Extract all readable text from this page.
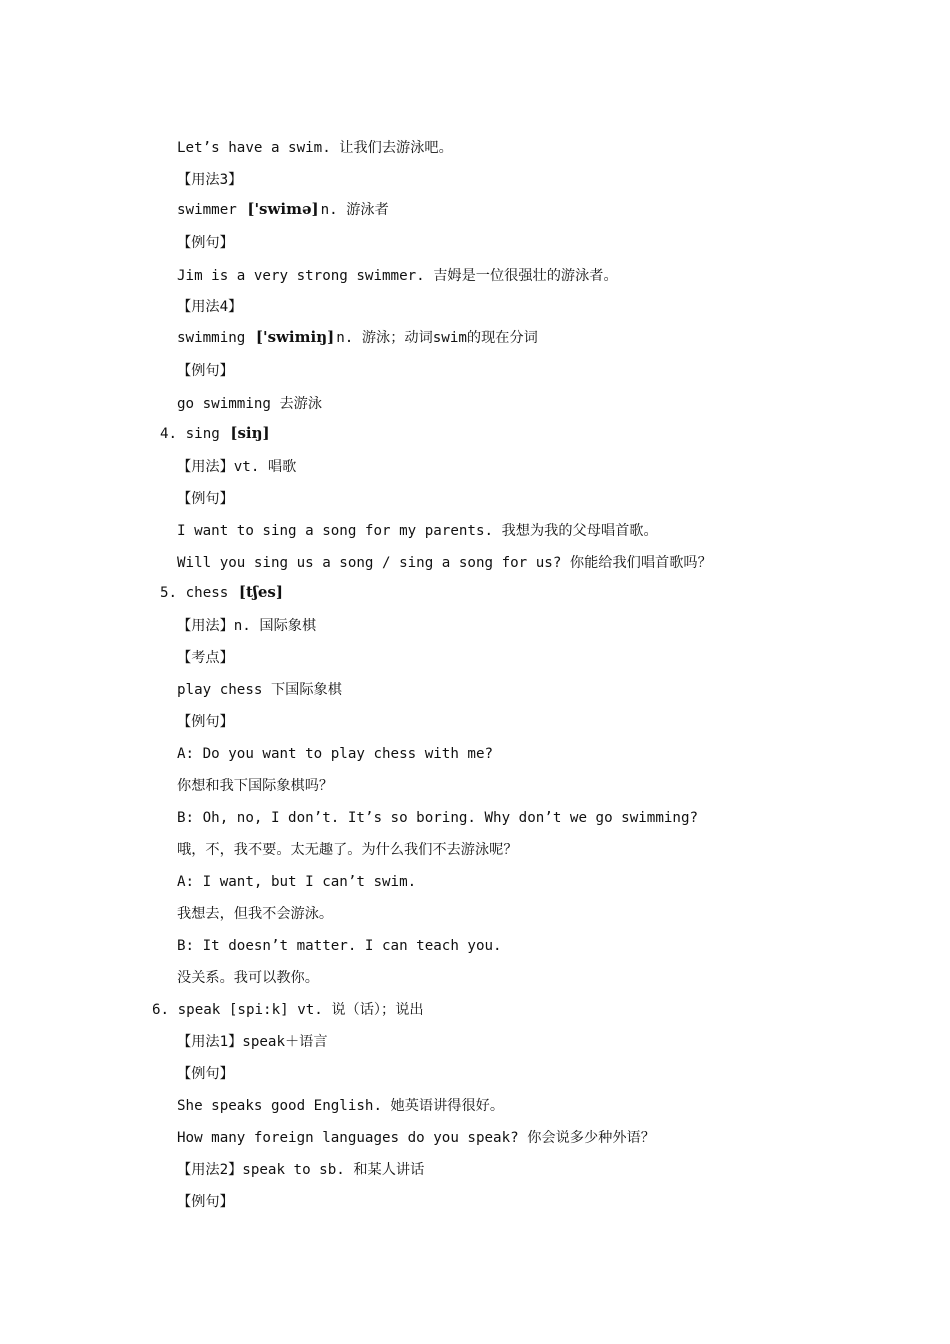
Let’s have a swim. 让我们去游泳吧。
【用法3】
swimmer ['swimə] n. 游泳者
【例句】
Jim is a very strong swimmer. 吉姆是一位很强壮的游泳者。
【用法4】
swimming ['swimiŋ] n. 游泳；动词swim的现在分词
【例句】
go swimming 去游泳
4. sing [siŋ]
【用法】vt. 唱歌
【例句】
I want to sing a song for my parents. 我想为我的父母唱首歌。
Will you sing us a song / sing a song for us? 你能给我们唱首歌吗？
5. chess [tʃes]
【用法】n. 国际象棋
【考点】
play chess 下国际象棋
【例句】
A: Do you want to play chess with me?
你想和我下国际象棋吗？
B: Oh, no, I don’t. It’s so boring. Why don’t we go swimming?
哦，不，我不要。太无趣了。为什么我们不去游泳呢？
A: I want, but I can’t swim.
我想去，但我不会游泳。
B: It doesn’t matter. I can teach you.
没关系。我可以教你。
6. speak [spi:k] vt. 说（话）；说出
【用法1】speak＋语言
【例句】
She speaks good English. 她英语讲得很好。
How many foreign languages do you speak? 你会说多少种外语？
【用法2】speak to sb. 和某人讲话
【例句】
